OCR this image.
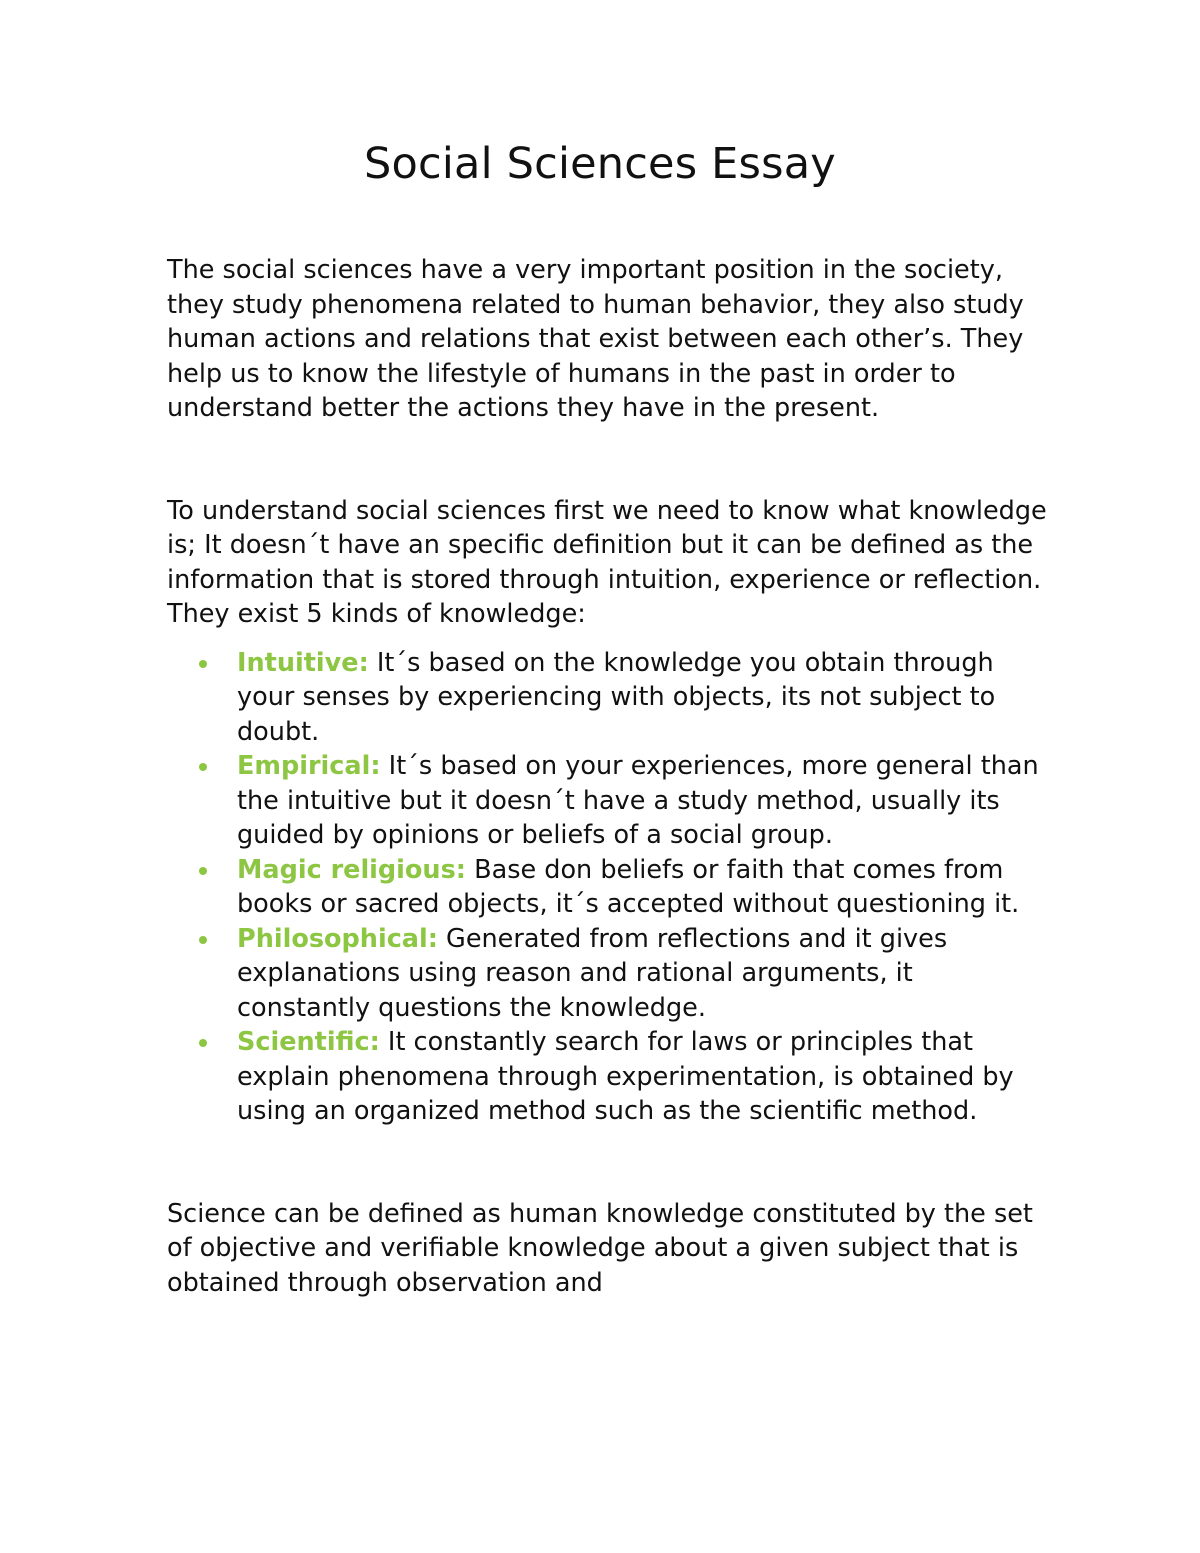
Social Sciences Essay

The social sciences have a very important position in the society, they study phenomena related to human behavior, they also study human actions and relations that exist between each other’s. They help us to know the lifestyle of humans in the past in order to understand better the actions they have in the present.

To understand social sciences first we need to know what knowledge is; It doesn´t have an specific definition but it can be defined as the information that is stored through intuition, experience or reflection. They exist 5 kinds of knowledge:

Intuitive: It´s based on the knowledge you obtain through your senses by experiencing with objects, its not subject to doubt.
Empirical: It´s based on your experiences, more general than the intuitive but it doesn´t have a study method, usually its guided by opinions or beliefs of a social group.
Magic religious: Base don beliefs or faith that comes from books or sacred objects, it´s accepted without questioning it.
Philosophical: Generated from reflections and it gives explanations using reason and rational arguments, it constantly questions the knowledge.
Scientific: It constantly search for laws or principles that explain phenomena through experimentation, is obtained by using an organized method such as the scientific method.

Science can be defined as human knowledge constituted by the set of objective and verifiable knowledge about a given subject that is obtained through observation and
